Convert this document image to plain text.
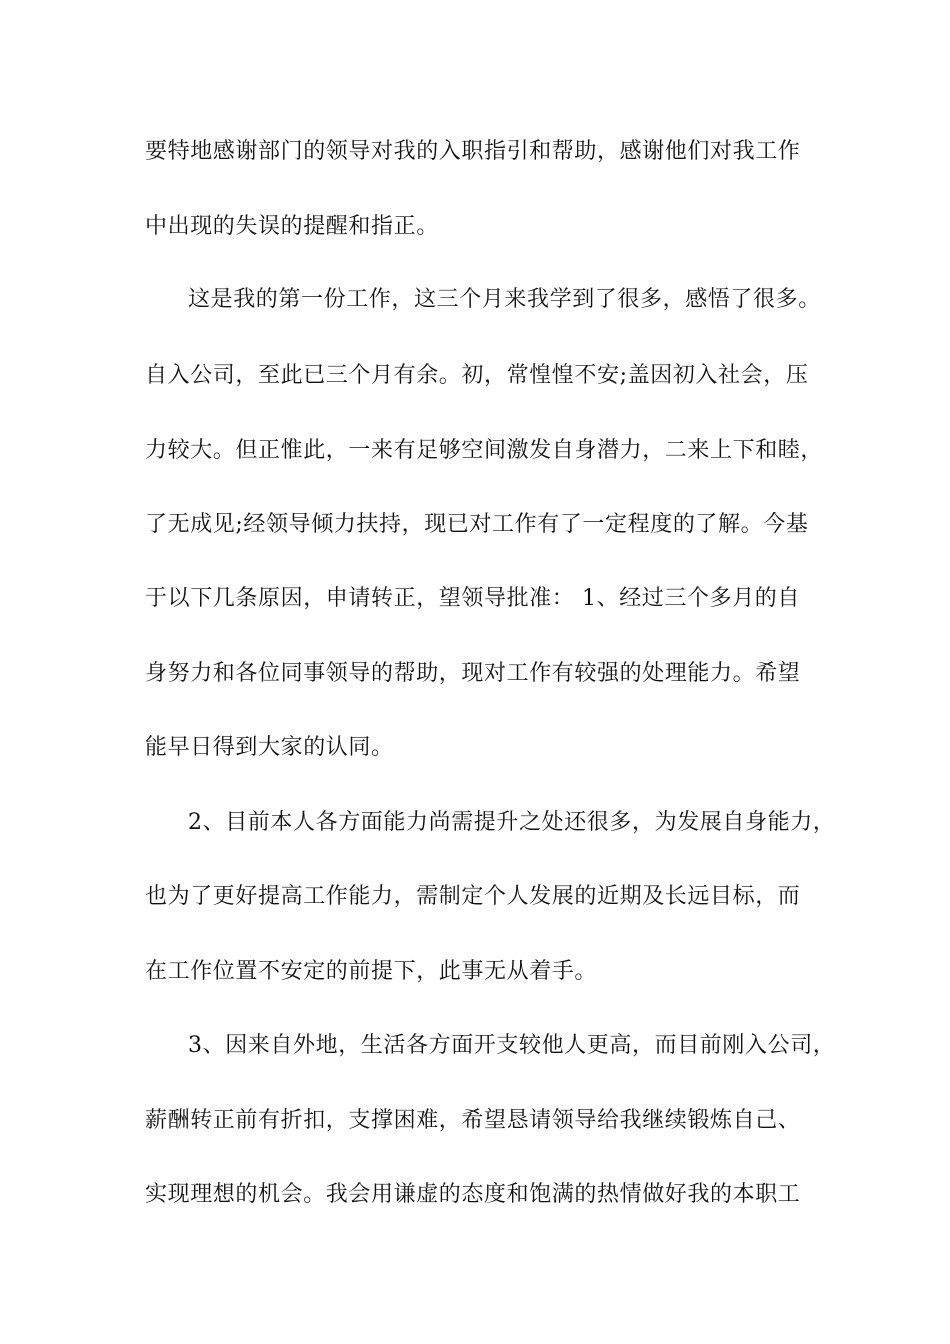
要特地感谢部门的领导对我的入职指引和帮助，感谢他们对我工作
中出现的失误的提醒和指正。
这是我的第一份工作，这三个月来我学到了很多，感悟了很多。
自入公司，至此已三个月有余。初，常惶惶不安;盖因初入社会，压
力较大。但正惟此，一来有足够空间激发自身潜力，二来上下和睦，
了无成见;经领导倾力扶持，现已对工作有了一定程度的了解。今基
于以下几条原因，申请转正，望领导批准： 1、经过三个多月的自
身努力和各位同事领导的帮助，现对工作有较强的处理能力。希望
能早日得到大家的认同。
2、目前本人各方面能力尚需提升之处还很多，为发展自身能力，
也为了更好提高工作能力，需制定个人发展的近期及长远目标，而
在工作位置不安定的前提下，此事无从着手。
3、因来自外地，生活各方面开支较他人更高，而目前刚入公司，
薪酬转正前有折扣，支撑困难，希望恳请领导给我继续锻炼自己、
实现理想的机会。我会用谦虚的态度和饱满的热情做好我的本职工
